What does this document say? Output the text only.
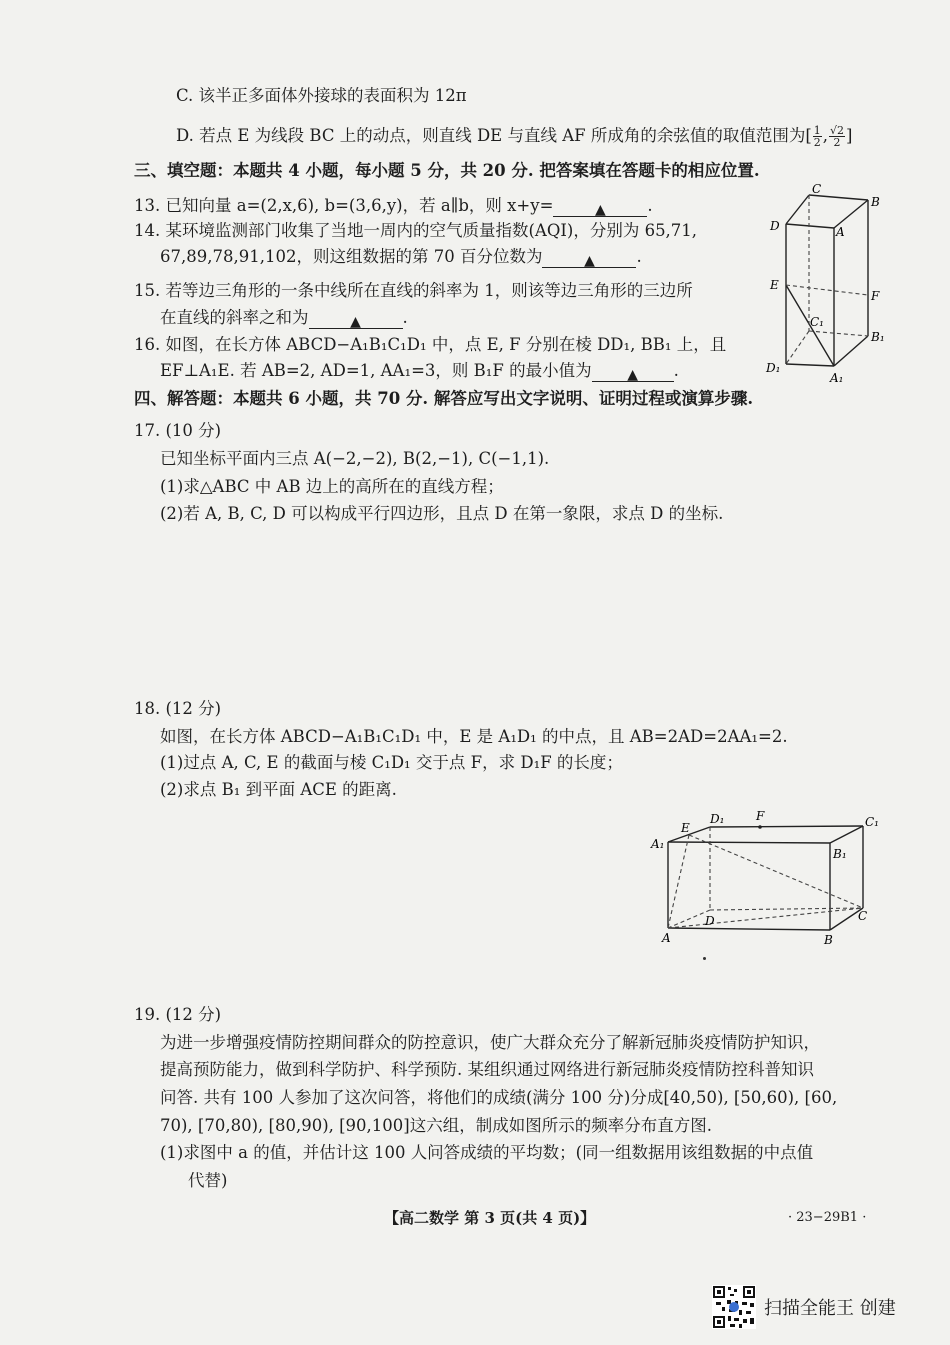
C. 该半正多面体外接球的表面积为 12π
D. 若点 E 为线段 BC 上的动点，则直线 DE 与直线 AF 所成角的余弦值的取值范围为[ $\frac{1}{2}$ , $\frac{√2}{2}$ ]
三、填空题：本题共 4 小题，每小题 5 分，共 20 分. 把答案填在答题卡的相应位置.
13. 已知向量 a=(2,x,6), b=(3,6,y)，若 a∥b，则 x+y=	▲	.
14. 某环境监测部门收集了当地一周内的空气质量指数(AQI)，分别为 65,71,
67,89,78,91,102，则这组数据的第 70 百分位数为	▲	.
15. 若等边三角形的一条中线所在直线的斜率为 1，则该等边三角形的三边所
在直线的斜率之和为	▲	.
16. 如图，在长方体 ABCD−A₁B₁C₁D₁ 中，点 E, F 分别在棱 DD₁, BB₁ 上，且
EF⊥A₁E. 若 AB=2, AD=1, AA₁=3，则 B₁F 的最小值为	▲ .
C
B
D	A
E
F
C₁
B₁
D₁
A₁
四、解答题：本题共 6 小题，共 70 分. 解答应写出文字说明、证明过程或演算步骤.
17. (10 分)
已知坐标平面内三点 A(−2,−2), B(2,−1), C(−1,1).
(1)求△ABC 中 AB 边上的高所在的直线方程；
(2)若 A, B, C, D 可以构成平行四边形，且点 D 在第一象限，求点 D 的坐标.
18. (12 分)
如图，在长方体 ABCD−A₁B₁C₁D₁ 中，E 是 A₁D₁ 的中点，且 AB=2AD=2AA₁=2.
(1)过点 A, C, E 的截面与棱 C₁D₁ 交于点 F，求 D₁F 的长度；
(2)求点 B₁ 到平面 ACE 的距离.
A₁
E
D₁	F	C₁
B₁
D	C
A	B
19. (12 分)
为进一步增强疫情防控期间群众的防控意识，使广大群众充分了解新冠肺炎疫情防护知识，
提高预防能力，做到科学防护、科学预防. 某组织通过网络进行新冠肺炎疫情防控科普知识
问答. 共有 100 人参加了这次问答，将他们的成绩(满分 100 分)分成[40,50), [50,60), [60,
70), [70,80), [80,90), [90,100]这六组，制成如图所示的频率分布直方图.
(1)求图中 a 的值，并估计这 100 人问答成绩的平均数；(同一组数据用该组数据的中点值
代替)
【高二数学 第 3 页(共 4 页)】	· 23−29B1 ·
扫描全能王 创建
